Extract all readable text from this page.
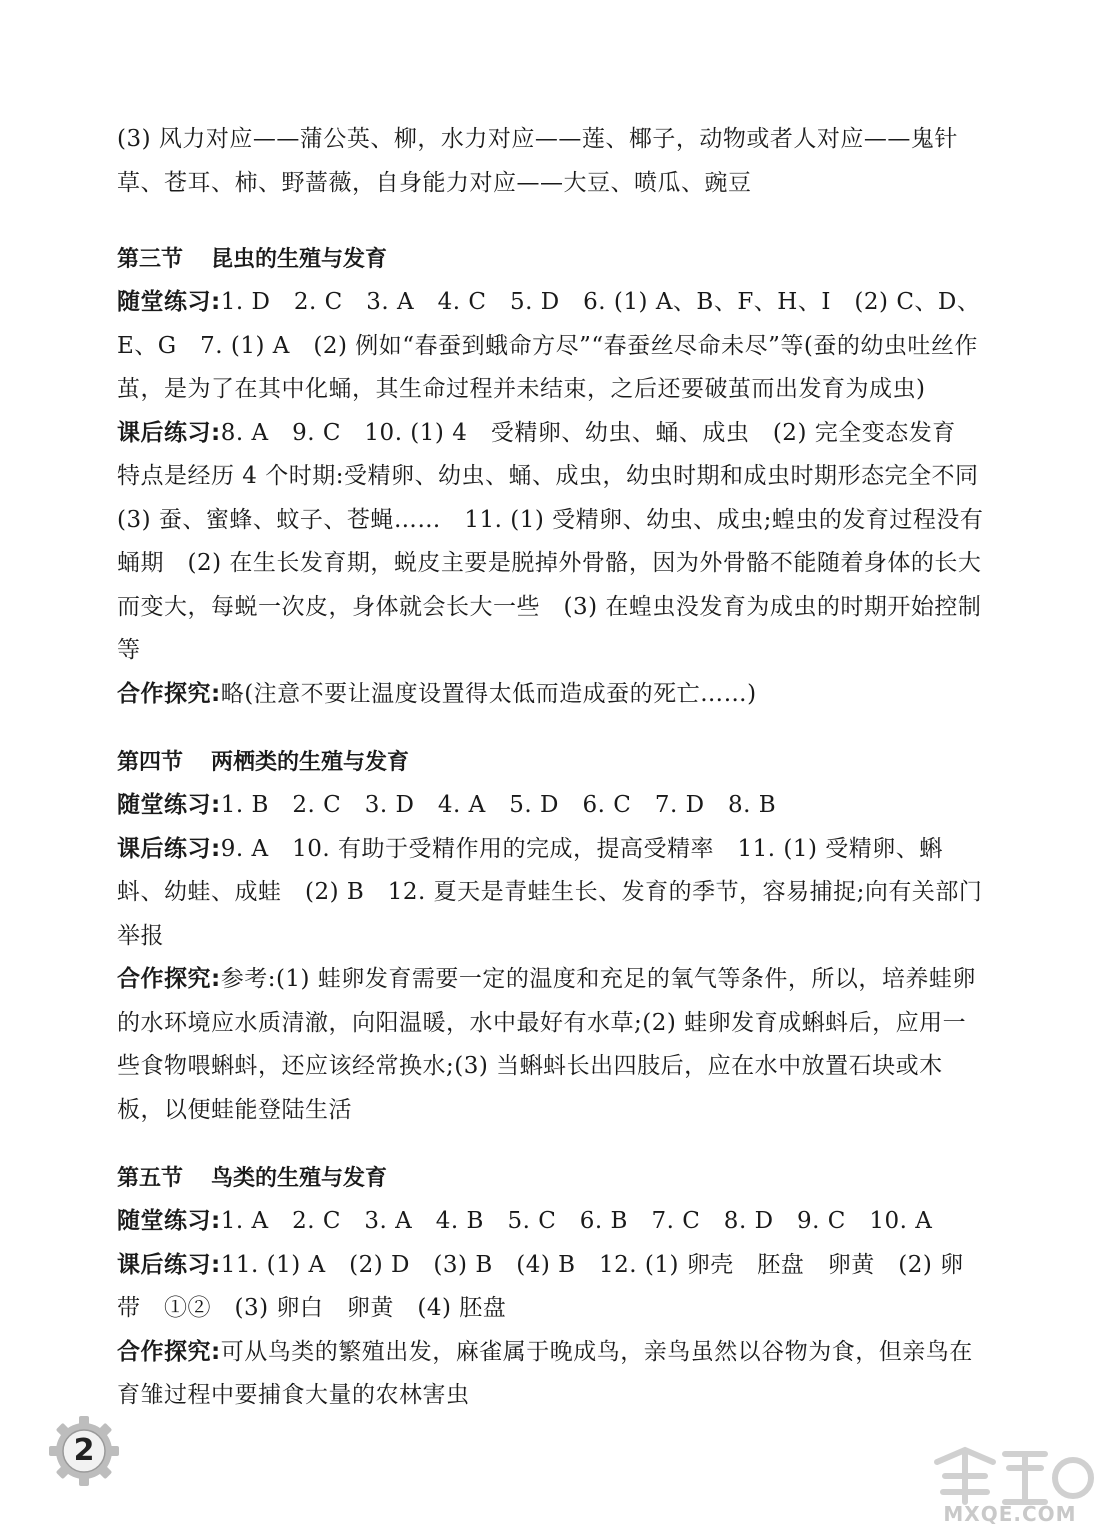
(3) 风力对应——蒲公英、柳，水力对应——莲、椰子，动物或者人对应——鬼针草、苍耳、柿、野蔷薇，自身能力对应——大豆、喷瓜、豌豆

第三节 昆虫的生殖与发育

随堂练习:1. D　2. C　3. A　4. C　5. D　6. (1) A、B、F、H、I　(2) C、D、E、G　7. (1) A　(2) 例如“春蚕到蛾命方尽”“春蚕丝尽命未尽”等(蚕的幼虫吐丝作茧，是为了在其中化蛹，其生命过程并未结束，之后还要破茧而出发育为成虫)

课后练习:8. A　9. C　10. (1) 4　受精卵、幼虫、蛹、成虫　(2) 完全变态发育　特点是经历 4 个时期:受精卵、幼虫、蛹、成虫，幼虫时期和成虫时期形态完全不同　(3) 蚕、蜜蜂、蚊子、苍蝇……　11. (1) 受精卵、幼虫、成虫;蝗虫的发育过程没有蛹期　(2) 在生长发育期，蜕皮主要是脱掉外骨骼，因为外骨骼不能随着身体的长大而变大，每蜕一次皮，身体就会长大一些　(3) 在蝗虫没发育为成虫的时期开始控制等

合作探究:略(注意不要让温度设置得太低而造成蚕的死亡……)

第四节 两栖类的生殖与发育

随堂练习:1. B　2. C　3. D　4. A　5. D　6. C　7. D　8. B

课后练习:9. A　10. 有助于受精作用的完成，提高受精率　11. (1) 受精卵、蝌蚪、幼蛙、成蛙　(2) B　12. 夏天是青蛙生长、发育的季节，容易捕捉;向有关部门举报

合作探究:参考:(1) 蛙卵发育需要一定的温度和充足的氧气等条件，所以，培养蛙卵的水环境应水质清澈，向阳温暖，水中最好有水草;(2) 蛙卵发育成蝌蚪后，应用一些食物喂蝌蚪，还应该经常换水;(3) 当蝌蚪长出四肢后，应在水中放置石块或木板，以便蛙能登陆生活

第五节 鸟类的生殖与发育

随堂练习:1. A　2. C　3. A　4. B　5. C　6. B　7. C　8. D　9. C　10. A

课后练习:11. (1) A　(2) D　(3) B　(4) B　12. (1) 卵壳　胚盘　卵黄　(2) 卵带　①②　(3) 卵白　卵黄　(4) 胚盘

合作探究:可从鸟类的繁殖出发，麻雀属于晚成鸟，亲鸟虽然以谷物为食，但亲鸟在育雏过程中要捕食大量的农林害虫

2
MXQE.COM
